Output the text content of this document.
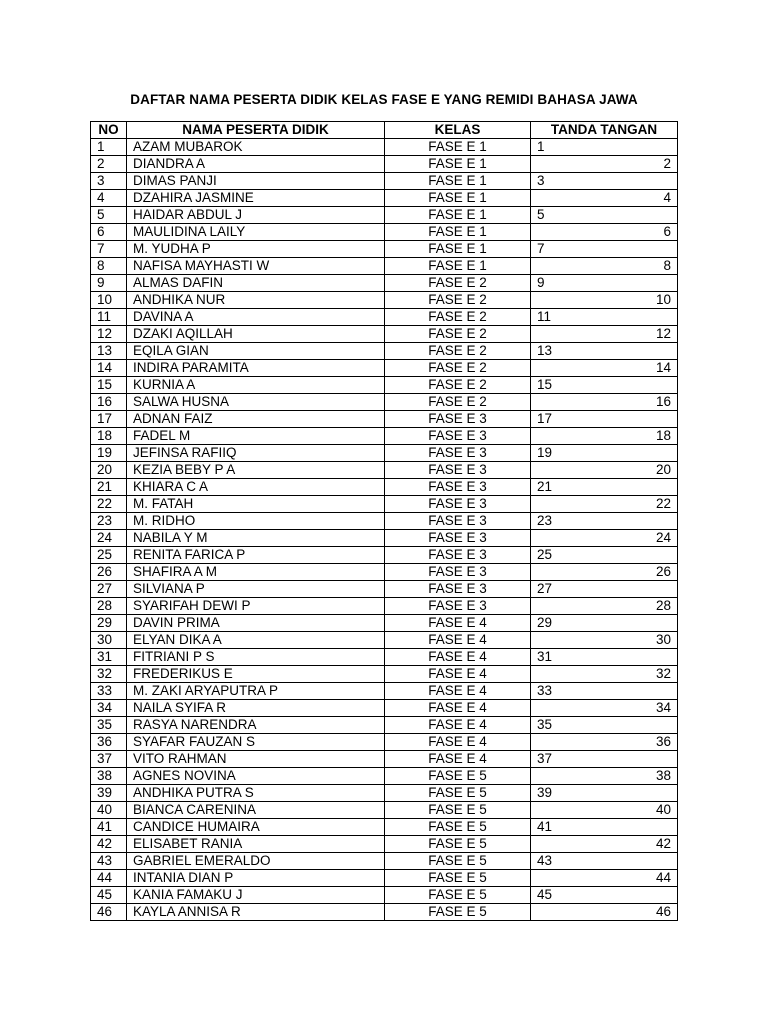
DAFTAR NAMA PESERTA DIDIK KELAS FASE E YANG REMIDI BAHASA JAWA
NO	NAMA PESERTA DIDIK	KELAS	TANDA TANGAN
1	AZAM MUBAROK	FASE E 1	1
2	DIANDRA A	FASE E 1	2
3	DIMAS PANJI	FASE E 1	3
4	DZAHIRA JASMINE	FASE E 1	4
5	HAIDAR ABDUL J	FASE E 1	5
6	MAULIDINA LAILY	FASE E 1	6
7	M. YUDHA P	FASE E 1	7
8	NAFISA MAYHASTI W	FASE E 1	8
9	ALMAS DAFIN	FASE E 2	9
10	ANDHIKA NUR	FASE E 2	10
11	DAVINA A	FASE E 2	11
12	DZAKI AQILLAH	FASE E 2	12
13	EQILA GIAN	FASE E 2	13
14	INDIRA PARAMITA	FASE E 2	14
15	KURNIA A	FASE E 2	15
16	SALWA HUSNA	FASE E 2	16
17	ADNAN FAIZ	FASE E 3	17
18	FADEL M	FASE E 3	18
19	JEFINSA RAFIIQ	FASE E 3	19
20	KEZIA BEBY P A	FASE E 3	20
21	KHIARA C A	FASE E 3	21
22	M. FATAH	FASE E 3	22
23	M. RIDHO	FASE E 3	23
24	NABILA Y M	FASE E 3	24
25	RENITA FARICA P	FASE E 3	25
26	SHAFIRA A M	FASE E 3	26
27	SILVIANA P	FASE E 3	27
28	SYARIFAH DEWI P	FASE E 3	28
29	DAVIN PRIMA	FASE E 4	29
30	ELYAN DIKA A	FASE E 4	30
31	FITRIANI P S	FASE E 4	31
32	FREDERIKUS E	FASE E 4	32
33	M. ZAKI ARYAPUTRA P	FASE E 4	33
34	NAILA SYIFA R	FASE E 4	34
35	RASYA NARENDRA	FASE E 4	35
36	SYAFAR FAUZAN S	FASE E 4	36
37	VITO RAHMAN	FASE E 4	37
38	AGNES NOVINA	FASE E 5	38
39	ANDHIKA PUTRA S	FASE E 5	39
40	BIANCA CARENINA	FASE E 5	40
41	CANDICE HUMAIRA	FASE E 5	41
42	ELISABET RANIA	FASE E 5	42
43	GABRIEL EMERALDO	FASE E 5	43
44	INTANIA DIAN P	FASE E 5	44
45	KANIA FAMAKU J	FASE E 5	45
46	KAYLA ANNISA R	FASE E 5	46
